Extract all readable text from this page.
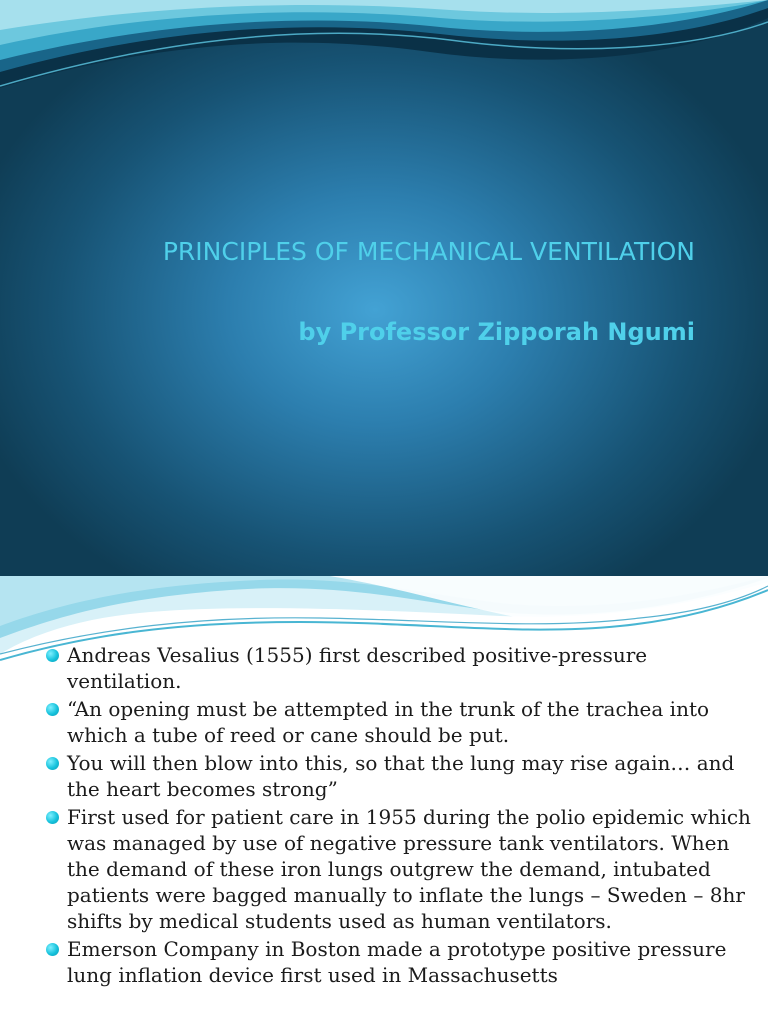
PRINCIPLES OF MECHANICAL VENTILATION
by Professor Zipporah Ngumi
Andreas Vesalius (1555) first described positive-pressure ventilation.
“An opening must be attempted in the trunk of the trachea into which a tube of reed or cane should be put.
You will then blow into this, so that the lung may rise again… and the heart becomes strong”
First used for patient care in 1955 during the polio epidemic which was managed by use of negative pressure tank ventilators. When the demand of these iron lungs outgrew the demand, intubated patients were bagged manually to inflate the lungs – Sweden – 8hr shifts by medical students used as human ventilators.
Emerson Company in Boston made a prototype positive pressure lung inflation device first used in Massachusetts
